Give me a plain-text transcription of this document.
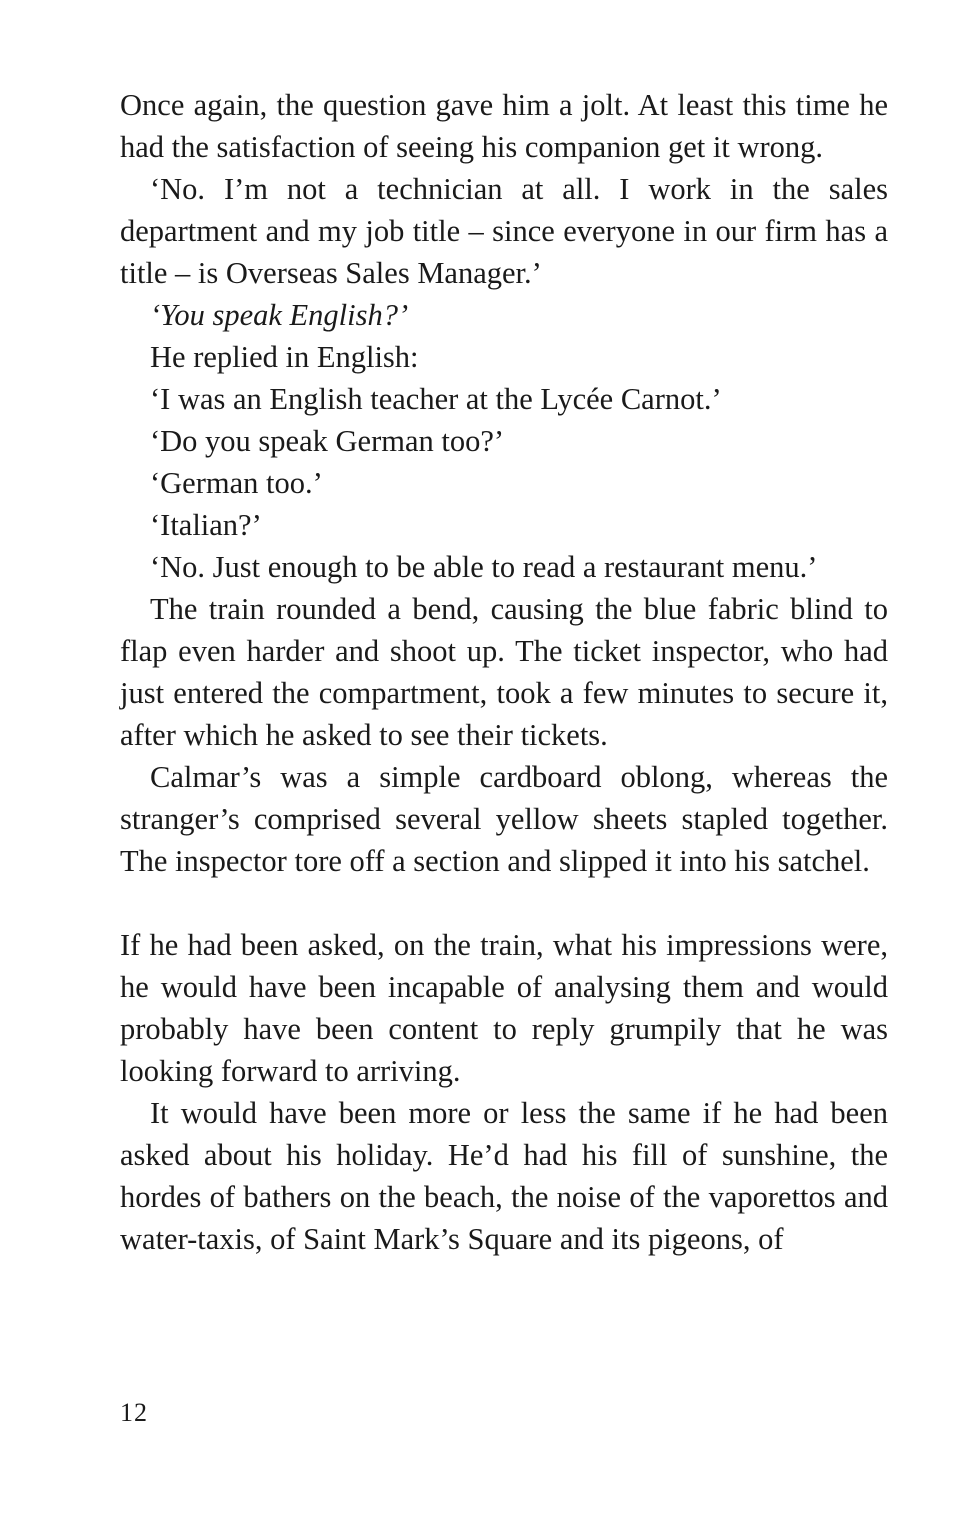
Once again, the question gave him a jolt. At least this time he had the satisfaction of seeing his companion get it wrong.

‘No. I’m not a technician at all. I work in the sales department and my job title – since everyone in our firm has a title – is Overseas Sales Manager.’

‘You speak English?’

He replied in English:

‘I was an English teacher at the Lycée Carnot.’

‘Do you speak German too?’

‘German too.’

‘Italian?’

‘No. Just enough to be able to read a restaurant menu.’

The train rounded a bend, causing the blue fabric blind to flap even harder and shoot up. The ticket inspector, who had just entered the compartment, took a few minutes to secure it, after which he asked to see their tickets.

Calmar’s was a simple cardboard oblong, whereas the stranger’s comprised several yellow sheets stapled together. The inspector tore off a section and slipped it into his satchel.

If he had been asked, on the train, what his impressions were, he would have been incapable of analysing them and would probably have been content to reply grumpily that he was looking forward to arriving.

It would have been more or less the same if he had been asked about his holiday. He’d had his fill of sunshine, the hordes of bathers on the beach, the noise of the vaporettos and water-taxis, of Saint Mark’s Square and its pigeons, of

12
